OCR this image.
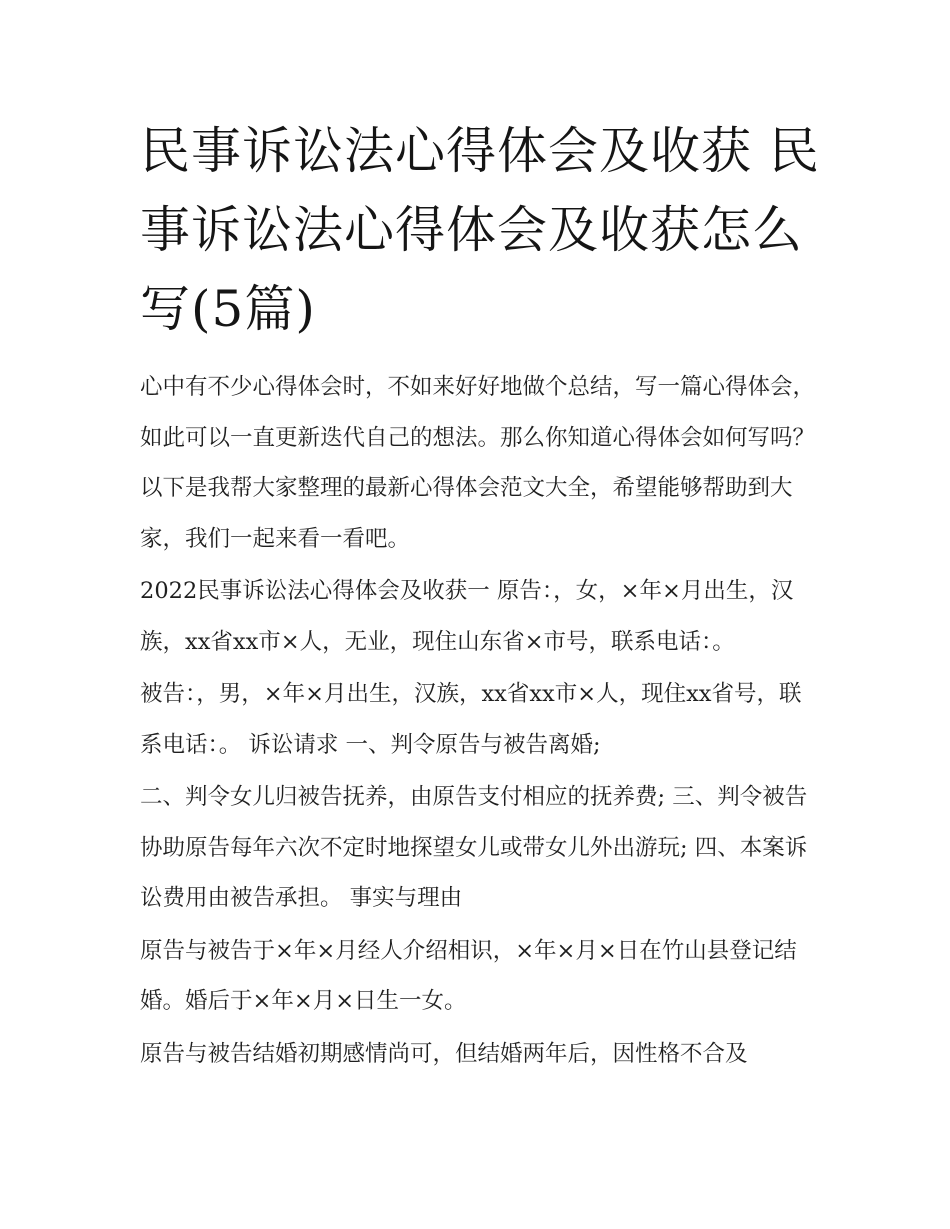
民事诉讼法心得体会及收获 民事诉讼法心得体会及收获怎么写(5篇)

心中有不少心得体会时，不如来好好地做个总结，写一篇心得体会，如此可以一直更新迭代自己的想法。那么你知道心得体会如何写吗？以下是我帮大家整理的最新心得体会范文大全，希望能够帮助到大家，我们一起来看一看吧。

2022民事诉讼法心得体会及收获一 原告：，女，×年×月出生，汉族，xx省xx市×人，无业，现住山东省×市号，联系电话：。

被告：，男，×年×月出生，汉族，xx省xx市×人，现住xx省号，联系电话：。 诉讼请求 一、判令原告与被告离婚;

二、判令女儿归被告抚养，由原告支付相应的抚养费; 三、判令被告协助原告每年六次不定时地探望女儿或带女儿外出游玩; 四、本案诉讼费用由被告承担。 事实与理由

原告与被告于×年×月经人介绍相识，×年×月×日在竹山县登记结婚。婚后于×年×月×日生一女。

原告与被告结婚初期感情尚可，但结婚两年后，因性格不合及
